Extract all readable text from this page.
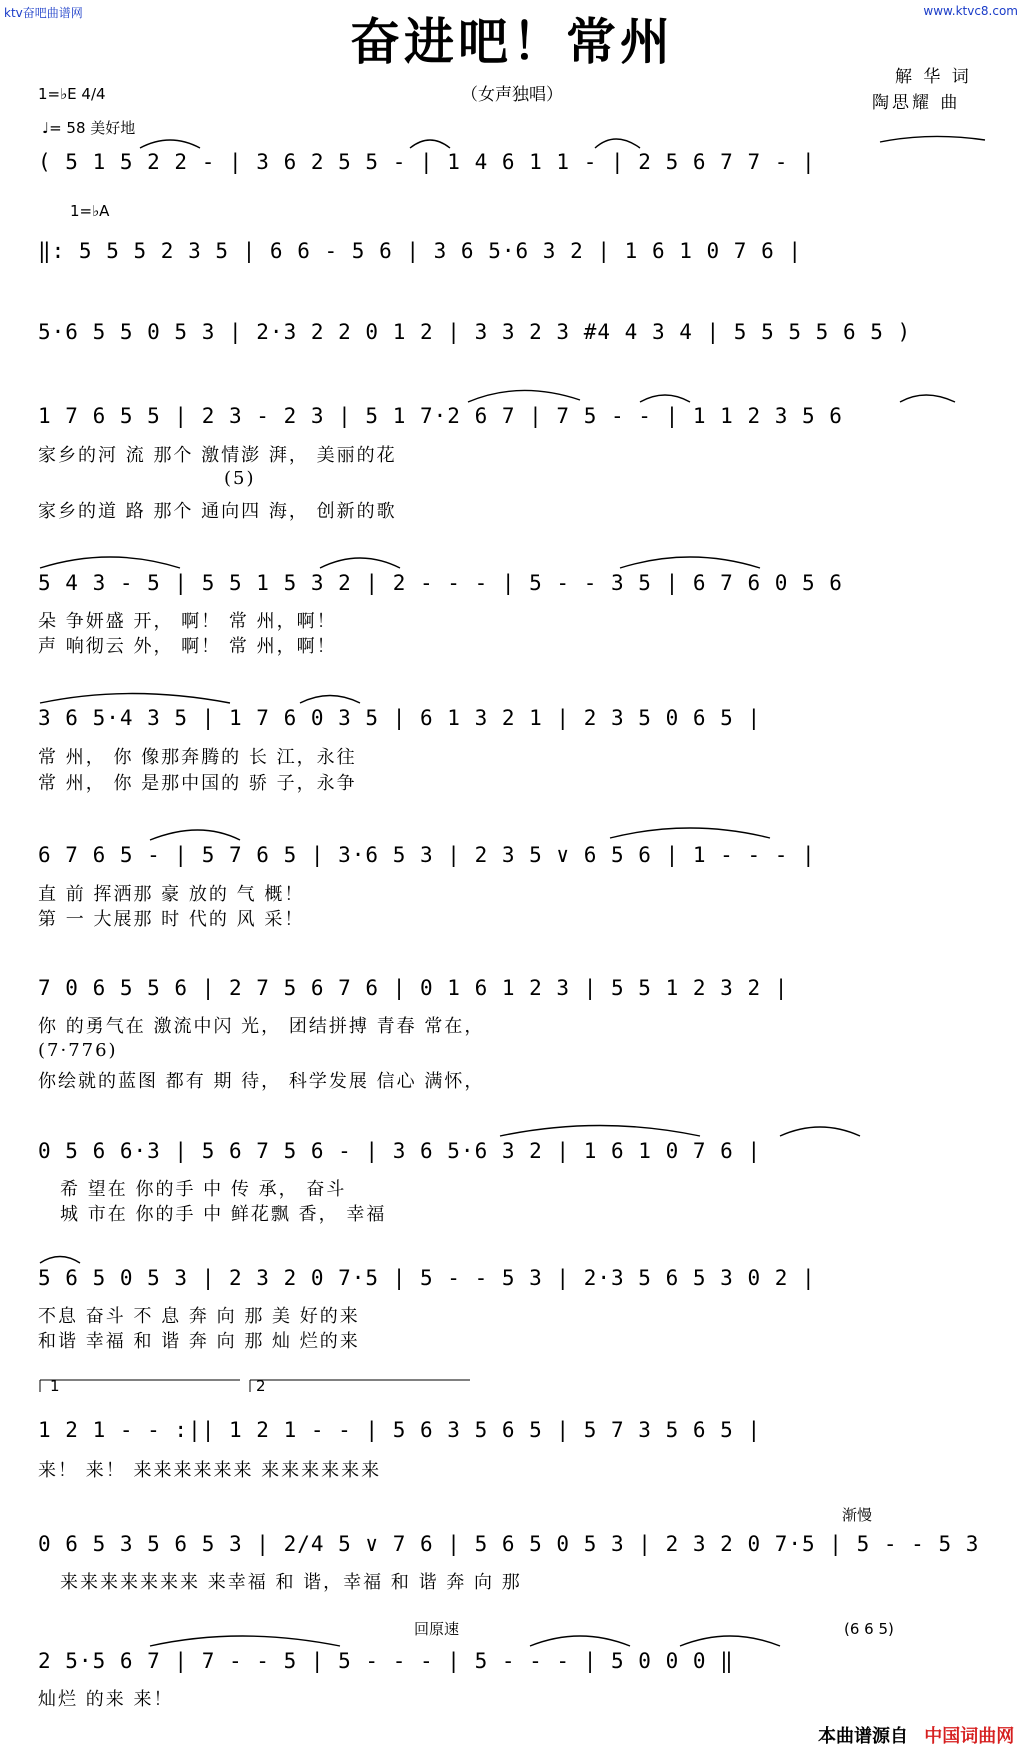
ktv奋吧曲谱网	www.ktvc8.com
奋进吧！常州
（女声独唱）
解 华 词
陶思耀 曲
1=♭E 4/4
♩= 58 美好地
1=♭A
( 5 1 5 2 2 - | 3 6 2 5 5 - | 1 4 6 1 1 - | 2 5 6 7 7 - |
‖: 5 5 5 2 3 5 | 6 6 - 5 6 | 3 6 5·6 3 2 | 1 6 1 0 7 6 |
5·6 5 5 0 5 3 | 2·3 2 2 0 1 2 | 3 3 2 3 #4 4 3 4 | 5 5 5 5 6 5 )
1 7 6 5 5 | 2 3 - 2 3 | 5 1 7·2 6 7 | 7 5 - - | 1 1 2 3 5 6
家乡的河 流 那个 激情澎 湃， 美丽的花
(5)
家乡的道 路 那个 通向四 海， 创新的歌
5 4 3 - 5 | 5 5 1 5 3 2 | 2 - - - | 5 - - 3 5 | 6 7 6 0 5 6
朵 争妍盛 开， 啊！ 常 州，啊！
声 响彻云 外， 啊！ 常 州，啊！
3 6 5·4 3 5 | 1 7 6 0 3 5 | 6 1 3 2 1 | 2 3 5 0 6 5 |
常 州， 你 像那奔腾的 长 江，永往
常 州， 你 是那中国的 骄 子，永争
6 7 6 5 - | 5 7 6 5 | 3·6 5 3 | 2 3 5 ∨ 6 5 6 | 1 - - - |
直 前 挥洒那 豪 放的 气 概！
第 一 大展那 时 代的 风 采！
7 0 6 5 5 6 | 2 7 5 6 7 6 | 0 1 6 1 2 3 | 5 5 1 2 3 2 |
你 的勇气在 激流中闪 光， 团结拼搏 青春 常在，
(7·776)
你绘就的蓝图 都有 期 待， 科学发展 信心 满怀，
0 5 6 6·3 | 5 6 7 5 6 - | 3 6 5·6 3 2 | 1 6 1 0 7 6 |
希 望在 你的手 中 传 承， 奋斗
城 市在 你的手 中 鲜花飘 香， 幸福
5 6 5 0 5 3 | 2 3 2 0 7·5 | 5 - - 5 3 | 2·3 5 6 5 3 0 2 |
不息 奋斗 不 息 奔 向 那 美 好的来
和谐 幸福 和 谐 奔 向 那 灿 烂的来
1	2
1 2 1 - - :|| 1 2 1 - - | 5 6 3 5 6 5 | 5 7 3 5 6 5 |
来！ 来！ 来来来来来来 来来来来来来
渐慢
0 6 5 3 5 6 5 3 | 2/4 5 ∨ 7 6 | 5 6 5 0 5 3 | 2 3 2 0 7·5 | 5 - - 5 3
来来来来来来来 来幸福 和 谐，幸福 和 谐 奔 向 那
回原速	(6 6 5)
2 5·5 6 7 | 7 - - 5 | 5 - - - | 5 - - - | 5 0 0 0 ‖
灿烂 的来 来！
本曲谱源自 中国词曲网
